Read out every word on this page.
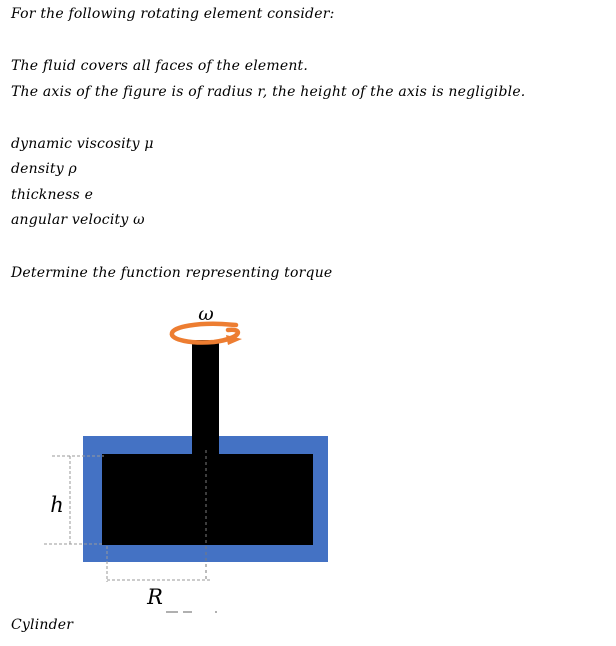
For the following rotating element consider:
The fluid covers all faces of the element.
The axis of the figure is of radius r, the height of the axis is negligible.
dynamic viscosity μ
density ρ
thickness e
angular velocity ω
Determine the function representing torque
Cylinder
ω
h
R
